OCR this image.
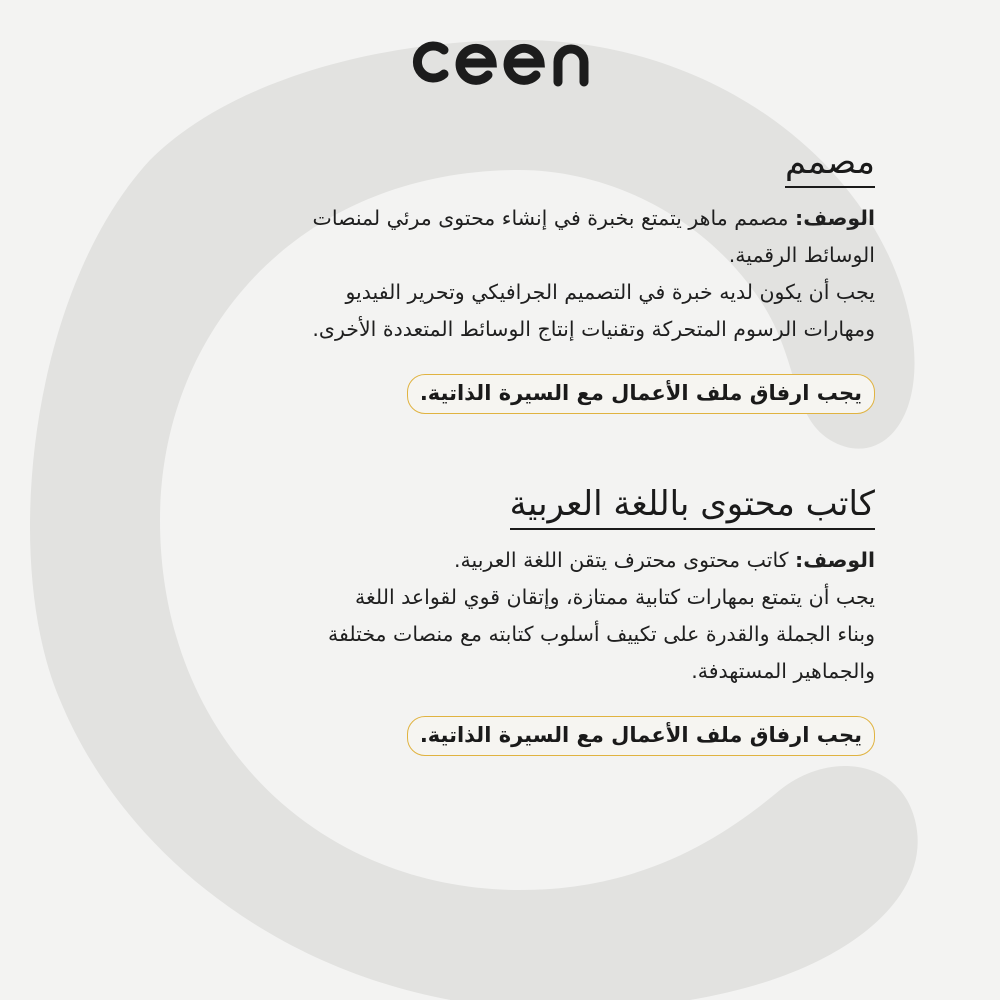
مصمم

الوصف: مصمم ماهر يتمتع بخبرة في إنشاء محتوى مرئي لمنصات
الوسائط الرقمية.
يجب أن يكون لديه خبرة في التصميم الجرافيكي وتحرير الفيديو
ومهارات الرسوم المتحركة وتقنيات إنتاج الوسائط المتعددة الأخرى.

يجب ارفاق ملف الأعمال مع السيرة الذاتية.
كاتب محتوى باللغة العربية

الوصف: كاتب محتوى محترف يتقن اللغة العربية.
يجب أن يتمتع بمهارات كتابية ممتازة، وإتقان قوي لقواعد اللغة
وبناء الجملة والقدرة على تكييف أسلوب كتابته مع منصات مختلفة
والجماهير المستهدفة.

يجب ارفاق ملف الأعمال مع السيرة الذاتية.
